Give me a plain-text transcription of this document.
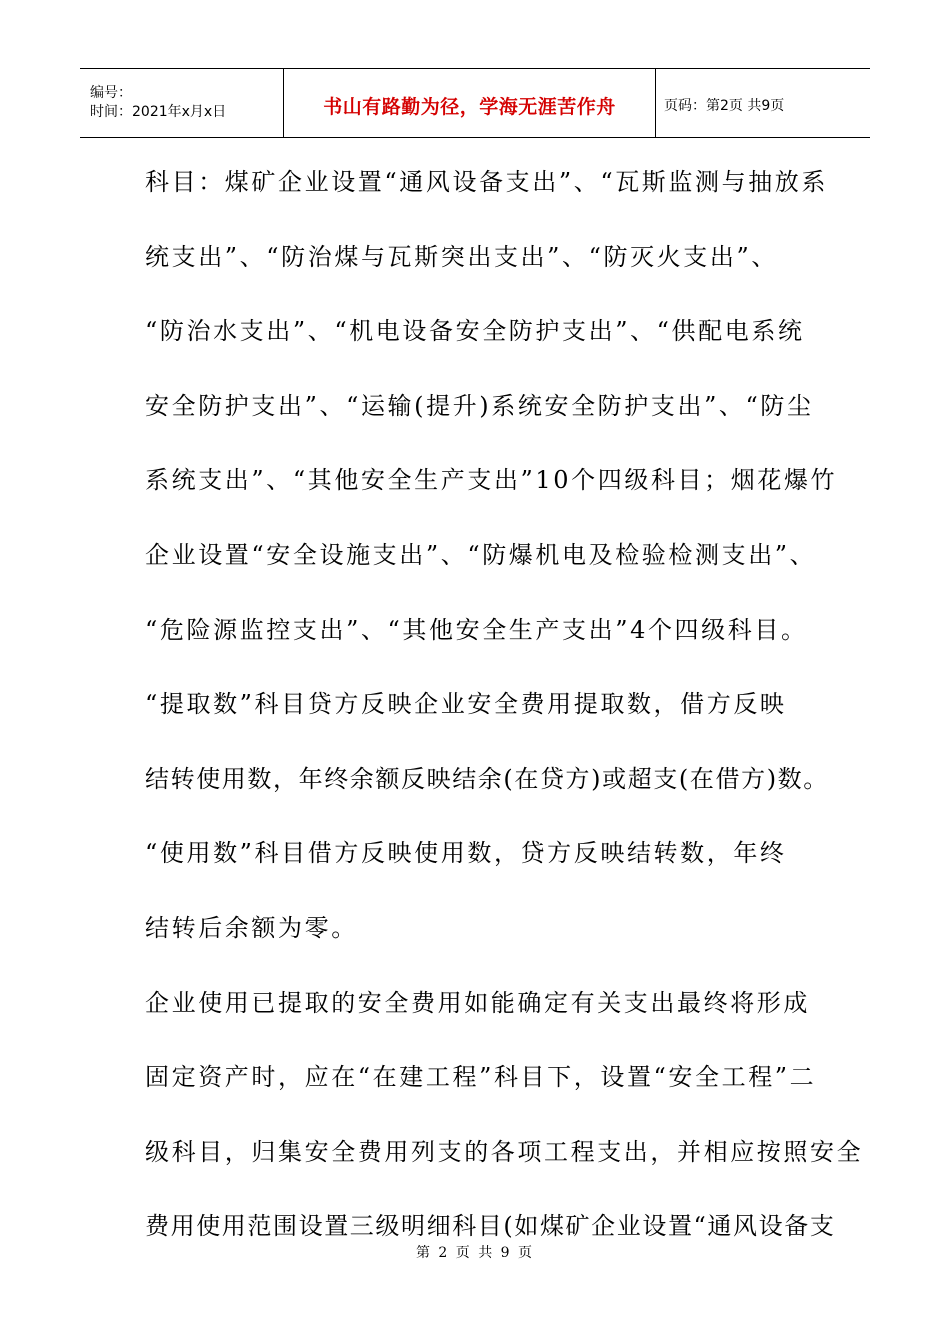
编号：
时间：2021年x月x日	书山有路勤为径，学海无涯苦作舟	页码：第2页 共9页
科目：煤矿企业设置“通风设备支出”、“瓦斯监测与抽放系
统支出”、“防治煤与瓦斯突出支出”、“防灭火支出”、
“防治水支出”、“机电设备安全防护支出”、“供配电系统
安全防护支出”、“运输(提升)系统安全防护支出”、“防尘
系统支出”、“其他安全生产支出”10个四级科目；烟花爆竹
企业设置“安全设施支出”、“防爆机电及检验检测支出”、
“危险源监控支出”、“其他安全生产支出”4个四级科目。
“提取数”科目贷方反映企业安全费用提取数，借方反映
结转使用数，年终余额反映结余(在贷方)或超支(在借方)数。
“使用数”科目借方反映使用数，贷方反映结转数，年终
结转后余额为零。
企业使用已提取的安全费用如能确定有关支出最终将形成
固定资产时，应在“在建工程”科目下，设置“安全工程”二
级科目，归集安全费用列支的各项工程支出，并相应按照安全
费用使用范围设置三级明细科目(如煤矿企业设置“通风设备支
第 2 页 共 9 页
